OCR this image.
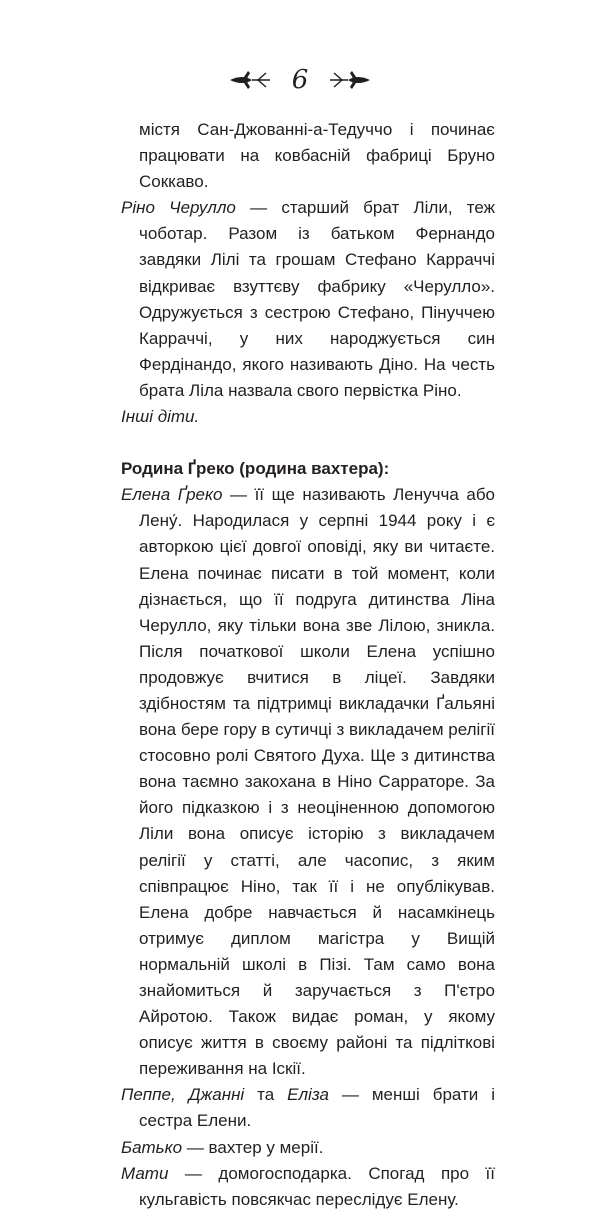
6

містя Сан-Джованні-а-Тедуччо і починає працювати на ковбасній фабриці Бруно Соккаво.

Ріно Черулло — старший брат Ліли, теж чоботар. Разом із батьком Фернандо завдяки Лілі та грошам Стефано Карраччі відкриває взуттєву фабрику «Черулло». Одружується з сестрою Стефано, Пінуччею Карраччі, у них народжується син Фердінандо, якого називають Діно. На честь брата Ліла назвала свого первістка Ріно.

Інші діти.

Родина Ґреко (родина вахтера):

Елена Ґреко — її ще називають Ленучча або Лену́. Народилася у серпні 1944 року і є авторкою цієї довгої оповіді, яку ви читаєте. Елена починає писати в той момент, коли дізнається, що її подруга дитинства Ліна Черулло, яку тільки вона зве Лілою, зникла. Після початкової школи Елена успішно продовжує вчитися в ліцеї. Завдяки здібностям та підтримці викладачки Ґальяні вона бере гору в сутичці з викладачем релігії стосовно ролі Святого Духа. Ще з дитинства вона таємно закохана в Ніно Сарраторе. За його підказкою і з неоціненною допомогою Ліли вона описує історію з викладачем релігії у статті, але часопис, з яким співпрацює Ніно, так її і не опублікував. Елена добре навчається й насамкінець отримує диплом магістра у Вищій нормальній школі в Пізі. Там само вона знайомиться й заручається з П'єтро Айротою. Також видає роман, у якому описує життя в своєму районі та підліткові переживання на Іскії.

Пеппе, Джанні та Еліза — менші брати і сестра Елени.

Батько — вахтер у мерії.

Мати — домогосподарка. Спогад про її кульгавість повсякчас переслідує Елену.
